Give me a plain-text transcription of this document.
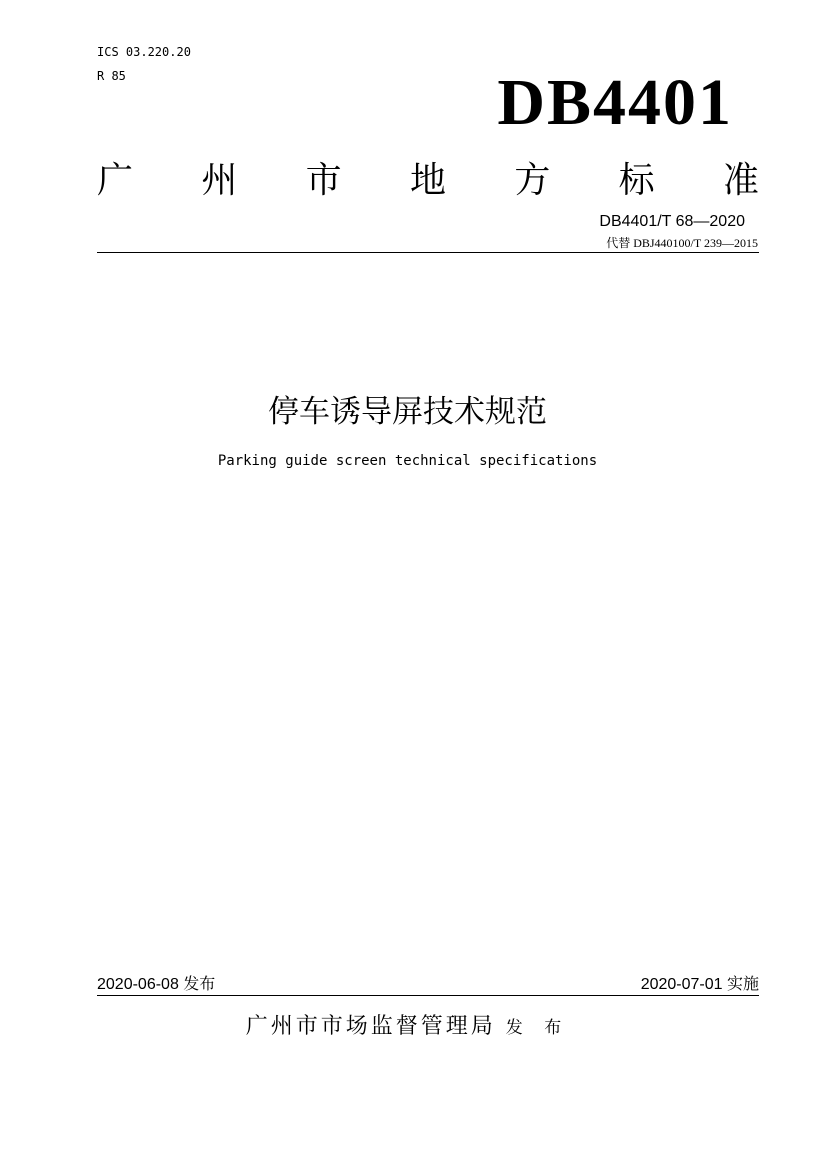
ICS 03.220.20
R 85	DB4401
广 州 市 地 方 标 准
DB4401/T 68—2020
代替 DBJ440100/T 239—2015
停车诱导屏技术规范
Parking guide screen technical specifications
2020-06-08 发布	2020-07-01 实施
广州市市场监督管理局 发 布
